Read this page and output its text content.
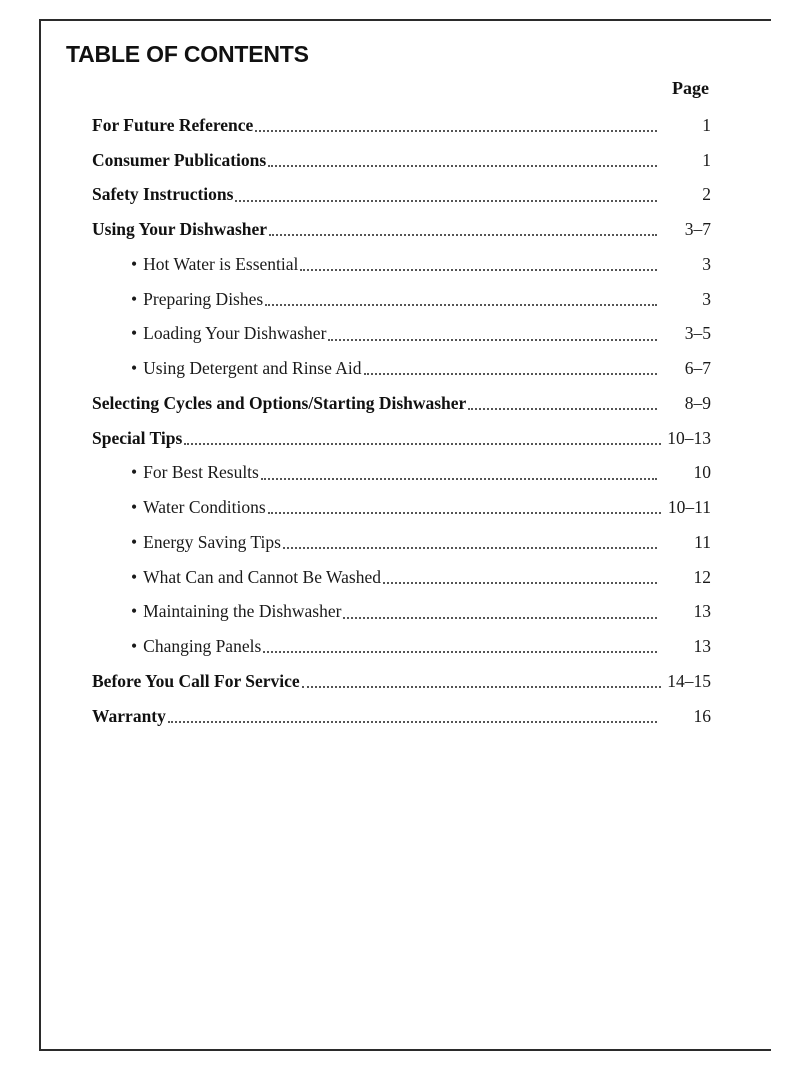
TABLE OF CONTENTS
Page
For Future Reference	1
Consumer Publications	1
Safety Instructions	2
Using Your Dishwasher	3–7
• Hot Water is Essential	3
• Preparing Dishes	3
• Loading Your Dishwasher	3–5
• Using Detergent and Rinse Aid	6–7
Selecting Cycles and Options/Starting Dishwasher	8–9
Special Tips	10–13
• For Best Results	10
• Water Conditions	10–11
• Energy Saving Tips	11
• What Can and Cannot Be Washed	12
• Maintaining the Dishwasher	13
• Changing Panels	13
Before You Call For Service	14–15
Warranty	16
